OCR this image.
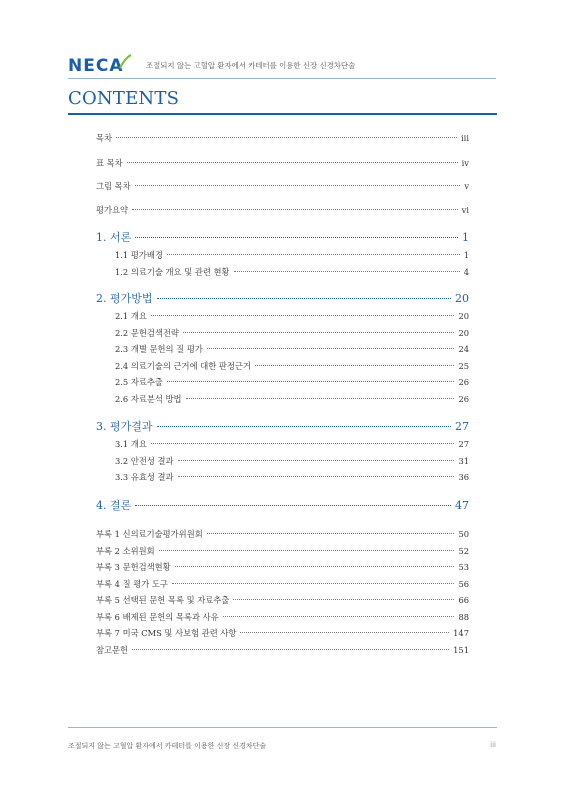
NECA	조절되지 않는 고혈압 환자에서 카테터를 이용한 신장 신경차단술
CONTENTS
목차	iii
표 목차	iv
그림 목차	v
평가요약	vi
1. 서론	1
1.1 평가배경	1
1.2 의료기술 개요 및 관련 현황	4
2. 평가방법	20
2.1 개요	20
2.2 문헌검색전략	20
2.3 개별 문헌의 질 평가	24
2.4 의료기술의 근거에 대한 판정근거	25
2.5 자료추출	26
2.6 자료분석 방법	26
3. 평가결과	27
3.1 개요	27
3.2 안전성 결과	31
3.3 유효성 결과	36
4. 결론	47
부록 1 신의료기술평가위원회	50
부록 2 소위원회	52
부록 3 문헌검색현황	53
부록 4 질 평가 도구	56
부록 5 선택된 문헌 목록 및 자료추출	66
부록 6 배제된 문헌의 목록과 사유	88
부록 7 미국 CMS 및 사보험 관련 사항	147
참고문헌	151
조절되지 않는 고혈압 환자에서 카테터를 이용한 신장 신경차단술	iii
